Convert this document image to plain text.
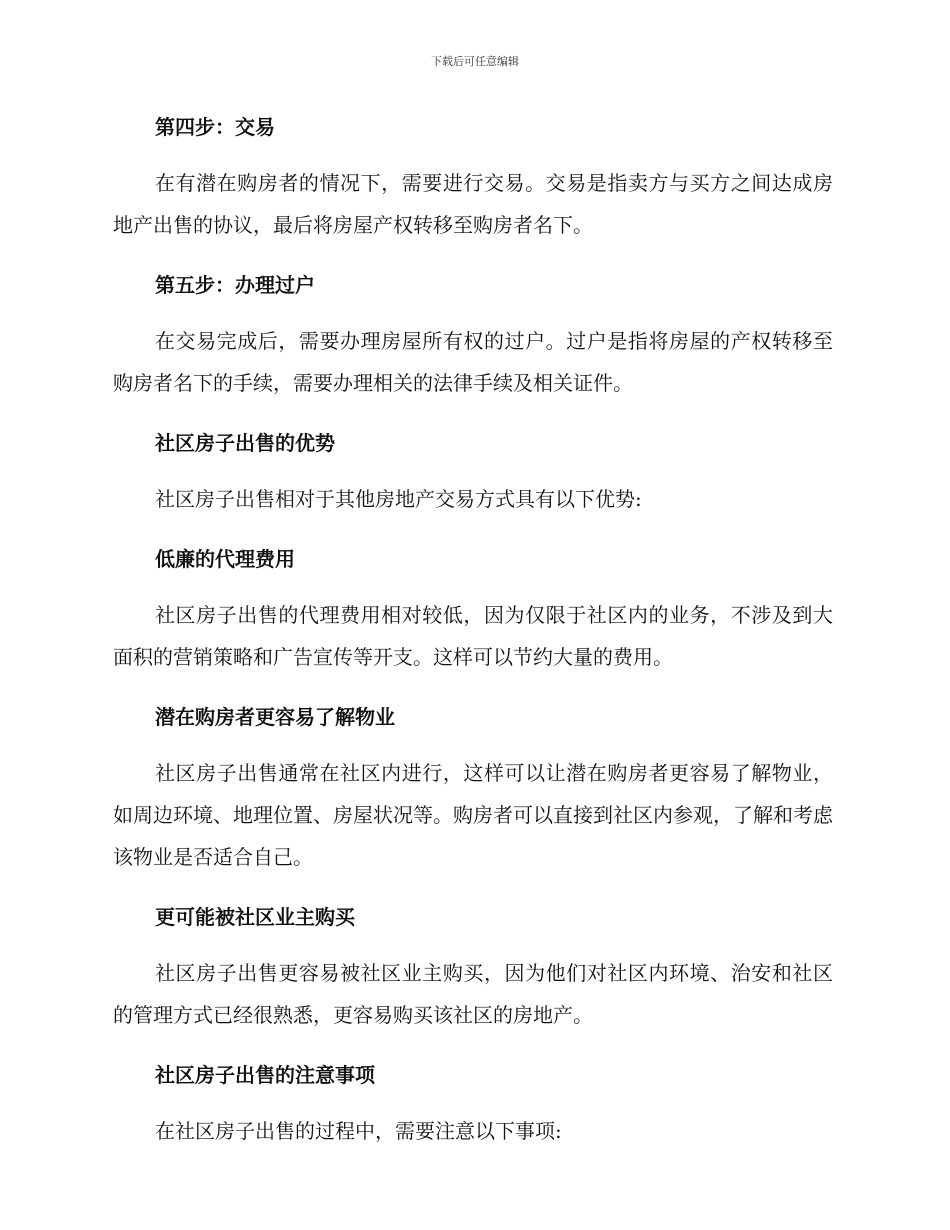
下载后可任意编辑
第四步：交易

在有潜在购房者的情况下，需要进行交易。交易是指卖方与买方之间达成房地产出售的协议，最后将房屋产权转移至购房者名下。

第五步：办理过户

在交易完成后，需要办理房屋所有权的过户。过户是指将房屋的产权转移至购房者名下的手续，需要办理相关的法律手续及相关证件。

社区房子出售的优势

社区房子出售相对于其他房地产交易方式具有以下优势:

低廉的代理费用

社区房子出售的代理费用相对较低，因为仅限于社区内的业务，不涉及到大面积的营销策略和广告宣传等开支。这样可以节约大量的费用。

潜在购房者更容易了解物业

社区房子出售通常在社区内进行，这样可以让潜在购房者更容易了解物业，如周边环境、地理位置、房屋状况等。购房者可以直接到社区内参观，了解和考虑该物业是否适合自己。

更可能被社区业主购买

社区房子出售更容易被社区业主购买，因为他们对社区内环境、治安和社区的管理方式已经很熟悉，更容易购买该社区的房地产。

社区房子出售的注意事项

在社区房子出售的过程中，需要注意以下事项:
